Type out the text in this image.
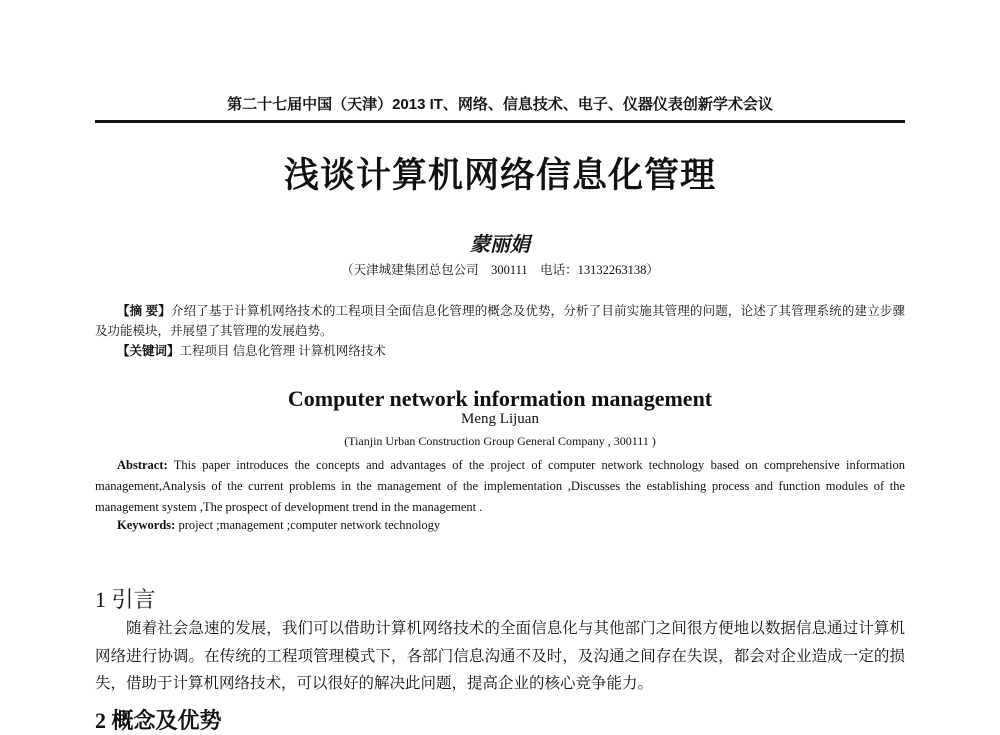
第二十七届中国（天津）2013 IT、网络、信息技术、电子、仪器仪表创新学术会议
浅谈计算机网络信息化管理
蒙丽娟
（天津城建集团总包公司　300111　电话：13132263138）
【摘 要】介绍了基于计算机网络技术的工程项目全面信息化管理的概念及优势，分析了目前实施其管理的问题，论述了其管理系统的建立步骤及功能模块，并展望了其管理的发展趋势。
【关键词】工程项目 信息化管理 计算机网络技术
Computer network information management
Meng Lijuan
(Tianjin Urban Construction Group General Company , 300111 )
Abstract: This paper introduces the concepts and advantages of the project of computer network technology based on comprehensive information management,Analysis of the current problems in the management of the implementation ,Discusses the establishing process and function modules of the management system ,The prospect of development trend in the management .
Keywords: project ;management ;computer network technology
1 引言
随着社会急速的发展，我们可以借助计算机网络技术的全面信息化与其他部门之间很方便地以数据信息通过计算机网络进行协调。在传统的工程项管理模式下，各部门信息沟通不及时，及沟通之间存在失误，都会对企业造成一定的损失，借助于计算机网络技术，可以很好的解决此问题，提高企业的核心竞争能力。
2 概念及优势
